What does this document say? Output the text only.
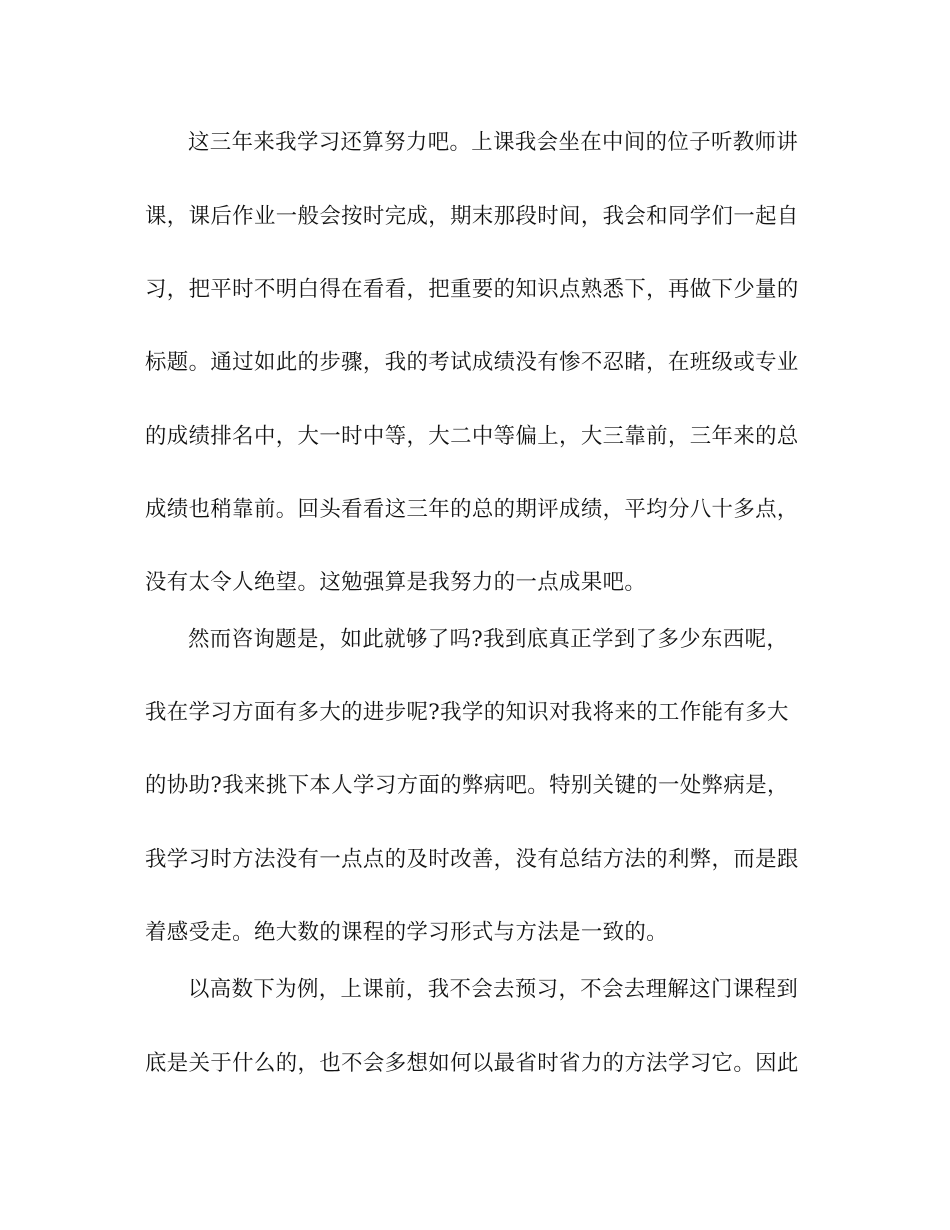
这三年来我学习还算努力吧。上课我会坐在中间的位子听教师讲
课，课后作业一般会按时完成，期末那段时间，我会和同学们一起自
习，把平时不明白得在看看，把重要的知识点熟悉下，再做下少量的
标题。通过如此的步骤，我的考试成绩没有惨不忍睹，在班级或专业
的成绩排名中，大一时中等，大二中等偏上，大三靠前，三年来的总
成绩也稍靠前。回头看看这三年的总的期评成绩，平均分八十多点，
没有太令人绝望。这勉强算是我努力的一点成果吧。
然而咨询题是，如此就够了吗?我到底真正学到了多少东西呢，
我在学习方面有多大的进步呢?我学的知识对我将来的工作能有多大
的协助?我来挑下本人学习方面的弊病吧。特别关键的一处弊病是，
我学习时方法没有一点点的及时改善，没有总结方法的利弊，而是跟
着感受走。绝大数的课程的学习形式与方法是一致的。
以高数下为例，上课前，我不会去预习，不会去理解这门课程到
底是关于什么的，也不会多想如何以最省时省力的方法学习它。因此
